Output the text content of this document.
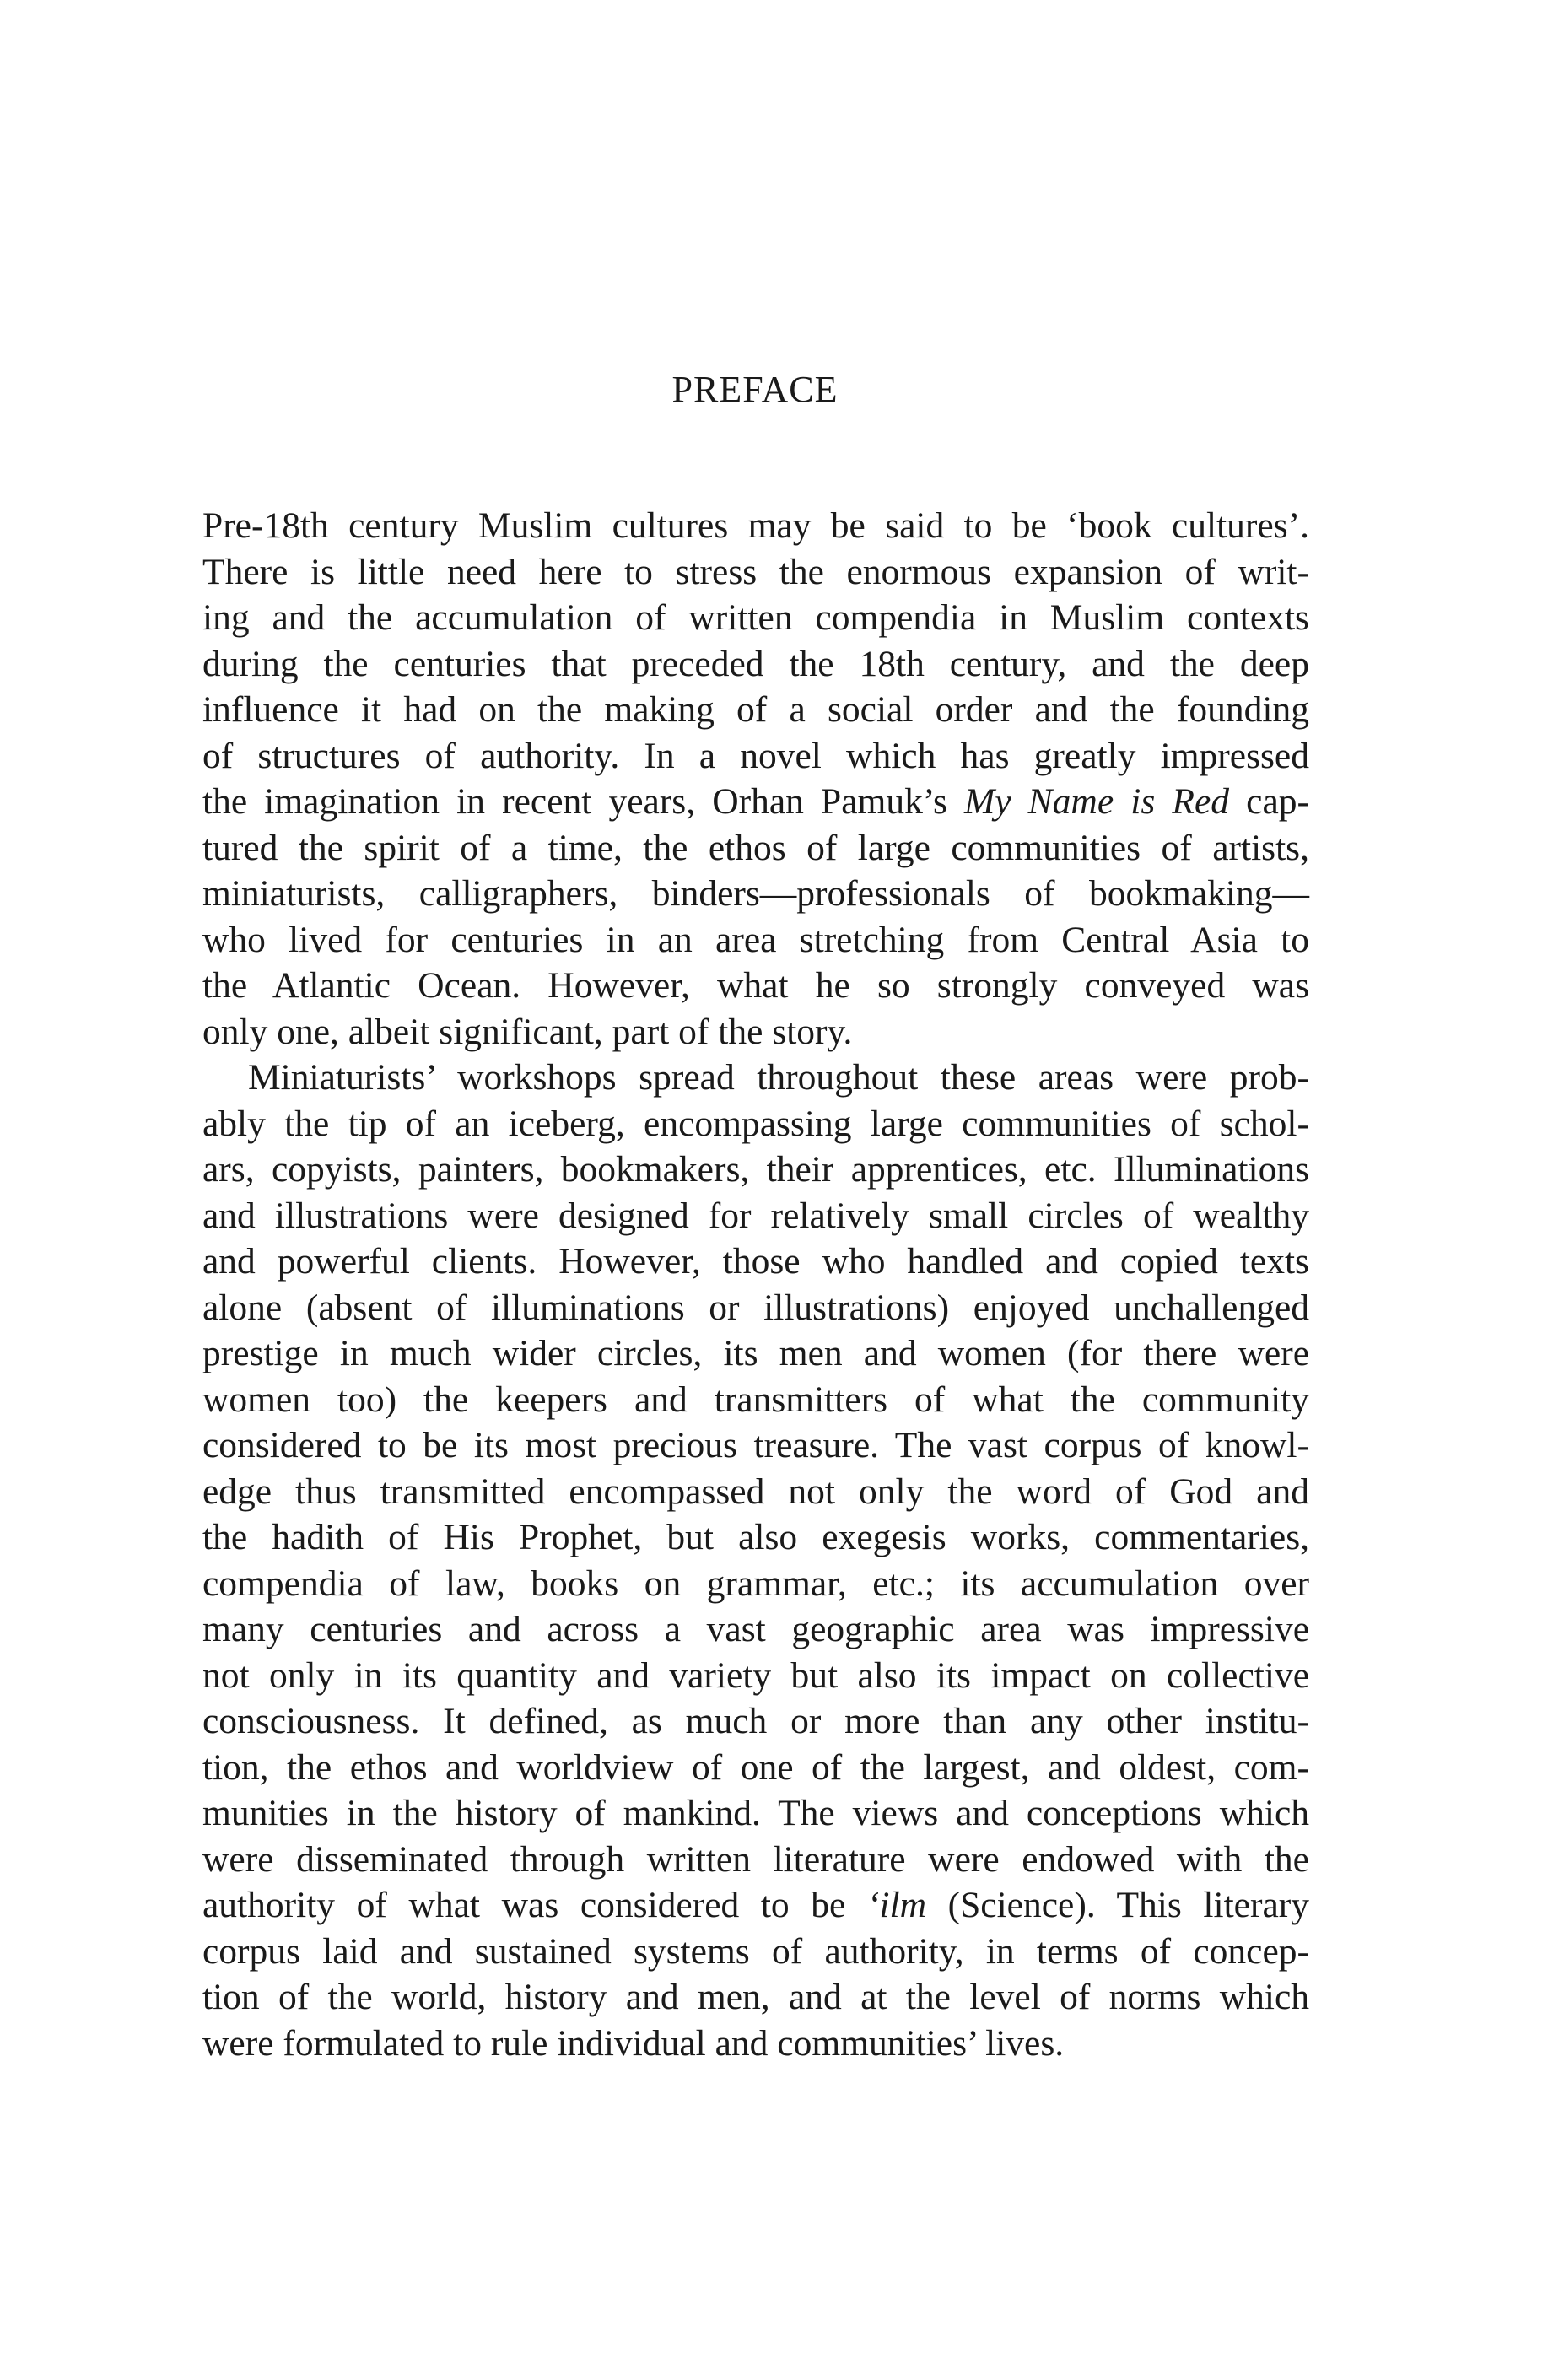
PREFACE
Pre-18th century Muslim cultures may be said to be ‘book cultures’.
There is little need here to stress the enormous expansion of writ-
ing and the accumulation of written compendia in Muslim contexts
during the centuries that preceded the 18th century, and the deep
influence it had on the making of a social order and the founding
of structures of authority. In a novel which has greatly impressed
the imagination in recent years, Orhan Pamuk’s My Name is Red cap-
tured the spirit of a time, the ethos of large communities of artists,
miniaturists, calligraphers, binders—professionals of bookmaking—
who lived for centuries in an area stretching from Central Asia to
the Atlantic Ocean. However, what he so strongly conveyed was
only one, albeit significant, part of the story.
Miniaturists’ workshops spread throughout these areas were prob-
ably the tip of an iceberg, encompassing large communities of schol-
ars, copyists, painters, bookmakers, their apprentices, etc. Illuminations
and illustrations were designed for relatively small circles of wealthy
and powerful clients. However, those who handled and copied texts
alone (absent of illuminations or illustrations) enjoyed unchallenged
prestige in much wider circles, its men and women (for there were
women too) the keepers and transmitters of what the community
considered to be its most precious treasure. The vast corpus of knowl-
edge thus transmitted encompassed not only the word of God and
the hadith of His Prophet, but also exegesis works, commentaries,
compendia of law, books on grammar, etc.; its accumulation over
many centuries and across a vast geographic area was impressive
not only in its quantity and variety but also its impact on collective
consciousness. It defined, as much or more than any other institu-
tion, the ethos and worldview of one of the largest, and oldest, com-
munities in the history of mankind. The views and conceptions which
were disseminated through written literature were endowed with the
authority of what was considered to be ‘ilm (Science). This literary
corpus laid and sustained systems of authority, in terms of concep-
tion of the world, history and men, and at the level of norms which
were formulated to rule individual and communities’ lives.
